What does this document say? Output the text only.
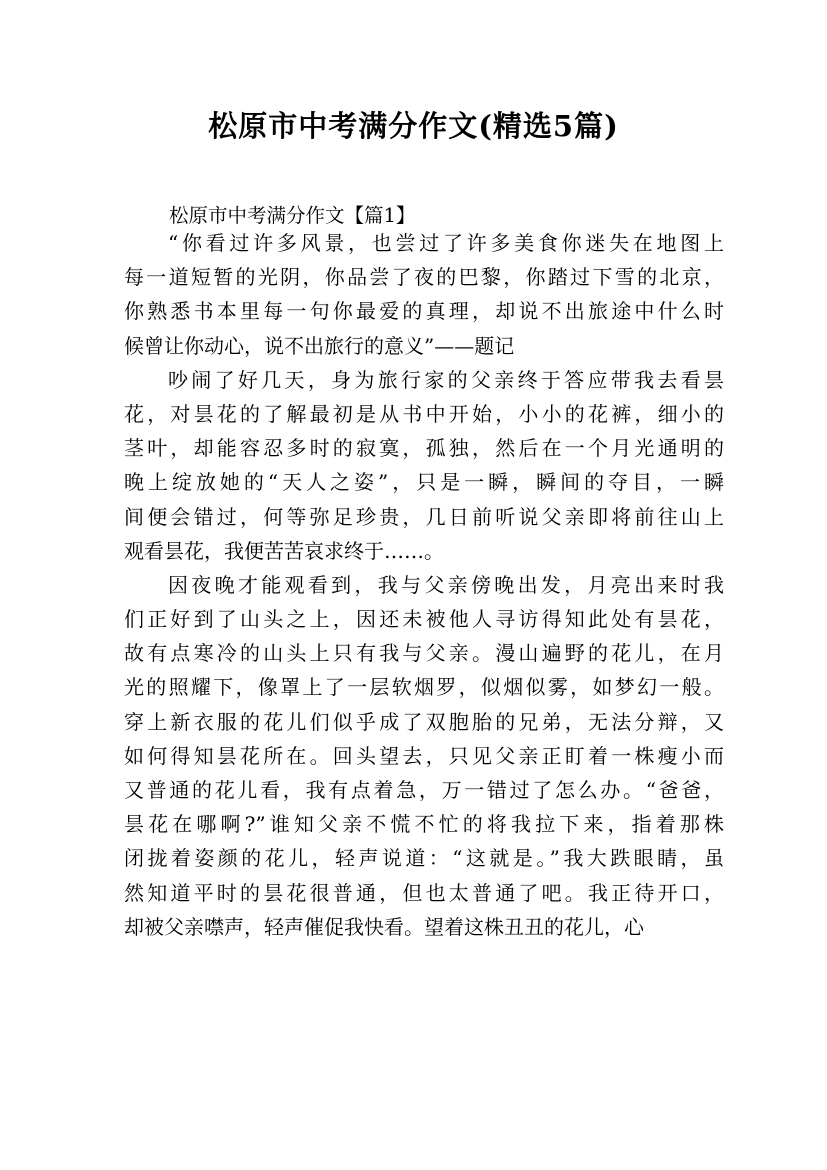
松原市中考满分作文(精选5篇)
松原市中考满分作文【篇1】
“你看过许多风景，也尝过了许多美食你迷失在地图上
每一道短暂的光阴，你品尝了夜的巴黎，你踏过下雪的北京，
你熟悉书本里每一句你最爱的真理，却说不出旅途中什么时
候曾让你动心，说不出旅行的意义”——题记
吵闹了好几天，身为旅行家的父亲终于答应带我去看昙
花，对昙花的了解最初是从书中开始，小小的花裤，细小的
茎叶，却能容忍多时的寂寞，孤独，然后在一个月光通明的
晚上绽放她的“天人之姿”，只是一瞬，瞬间的夺目，一瞬
间便会错过，何等弥足珍贵，几日前听说父亲即将前往山上
观看昙花，我便苦苦哀求终于……。
因夜晚才能观看到，我与父亲傍晚出发，月亮出来时我
们正好到了山头之上，因还未被他人寻访得知此处有昙花，
故有点寒冷的山头上只有我与父亲。漫山遍野的花儿，在月
光的照耀下，像罩上了一层软烟罗，似烟似雾，如梦幻一般。
穿上新衣服的花儿们似乎成了双胞胎的兄弟，无法分辩，又
如何得知昙花所在。回头望去，只见父亲正盯着一株瘦小而
又普通的花儿看，我有点着急，万一错过了怎么办。“爸爸，
昙花在哪啊?”谁知父亲不慌不忙的将我拉下来，指着那株
闭拢着姿颜的花儿，轻声说道：“这就是。”我大跌眼睛，虽
然知道平时的昙花很普通，但也太普通了吧。我正待开口，
却被父亲噤声，轻声催促我快看。望着这株丑丑的花儿，心
